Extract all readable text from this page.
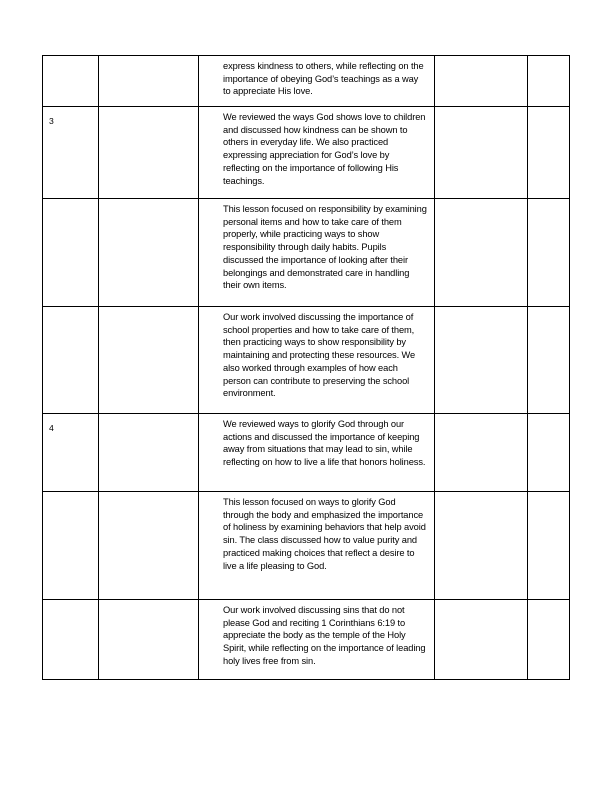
		express kindness to others, while reflecting on the importance of obeying God’s teachings as a way to appreciate His love.		

3		We reviewed the ways God shows love to children and discussed how kindness can be shown to others in everyday life. We also practiced expressing appreciation for God’s love by reflecting on the importance of following His teachings.		

		This lesson focused on responsibility by examining personal items and how to take care of them properly, while practicing ways to show responsibility through daily habits. Pupils discussed the importance of looking after their belongings and demonstrated care in handling their own items.		

		Our work involved discussing the importance of school properties and how to take care of them, then practicing ways to show responsibility by maintaining and protecting these resources. We also worked through examples of how each person can contribute to preserving the school environment.		

4		We reviewed ways to glorify God through our actions and discussed the importance of keeping away from situations that may lead to sin, while reflecting on how to live a life that honors holiness.		

		This lesson focused on ways to glorify God through the body and emphasized the importance of holiness by examining behaviors that help avoid sin. The class discussed how to value purity and practiced making choices that reflect a desire to live a life pleasing to God.		

		Our work involved discussing sins that do not please God and reciting 1 Corinthians 6:19 to appreciate the body as the temple of the Holy Spirit, while reflecting on the importance of leading holy lives free from sin.		
